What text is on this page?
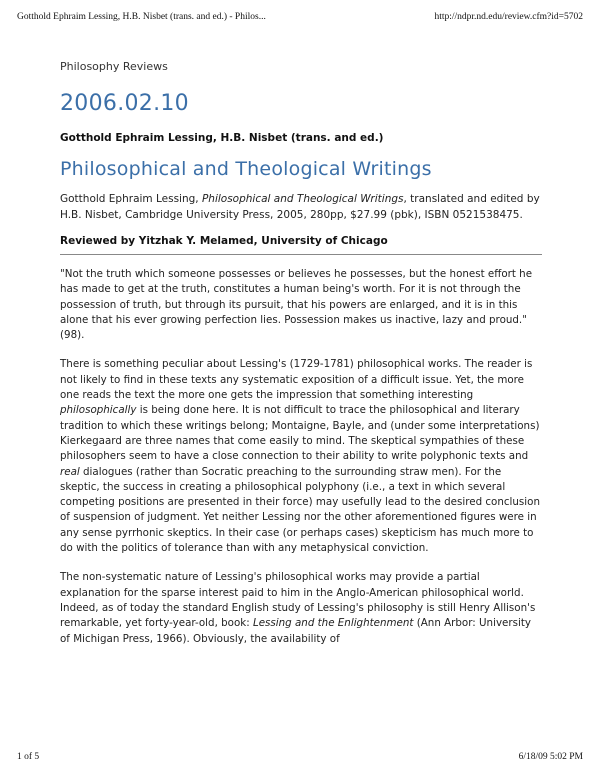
Gotthold Ephraim Lessing, H.B. Nisbet (trans. and ed.) - Philos...	http://ndpr.nd.edu/review.cfm?id=5702

Philosophy Reviews

2006.02.10

Gotthold Ephraim Lessing, H.B. Nisbet (trans. and ed.)

Philosophical and Theological Writings

Gotthold Ephraim Lessing, Philosophical and Theological Writings, translated and edited by H.B. Nisbet, Cambridge University Press, 2005, 280pp, $27.99 (pbk), ISBN 0521538475.

Reviewed by Yitzhak Y. Melamed, University of Chicago

"Not the truth which someone possesses or believes he possesses, but the honest effort he has made to get at the truth, constitutes a human being's worth. For it is not through the possession of truth, but through its pursuit, that his powers are enlarged, and it is in this alone that his ever growing perfection lies. Possession makes us inactive, lazy and proud." (98).

There is something peculiar about Lessing's (1729-1781) philosophical works. The reader is not likely to find in these texts any systematic exposition of a difficult issue. Yet, the more one reads the text the more one gets the impression that something interesting philosophically is being done here. It is not difficult to trace the philosophical and literary tradition to which these writings belong; Montaigne, Bayle, and (under some interpretations) Kierkegaard are three names that come easily to mind. The skeptical sympathies of these philosophers seem to have a close connection to their ability to write polyphonic texts and real dialogues (rather than Socratic preaching to the surrounding straw men). For the skeptic, the success in creating a philosophical polyphony (i.e., a text in which several competing positions are presented in their force) may usefully lead to the desired conclusion of suspension of judgment. Yet neither Lessing nor the other aforementioned figures were in any sense pyrrhonic skeptics. In their case (or perhaps cases) skepticism has much more to do with the politics of tolerance than with any metaphysical conviction.

The non-systematic nature of Lessing's philosophical works may provide a partial explanation for the sparse interest paid to him in the Anglo-American philosophical world. Indeed, as of today the standard English study of Lessing's philosophy is still Henry Allison's remarkable, yet forty-year-old, book: Lessing and the Enlightenment (Ann Arbor: University of Michigan Press, 1966). Obviously, the availability of

1 of 5	6/18/09 5:02 PM
